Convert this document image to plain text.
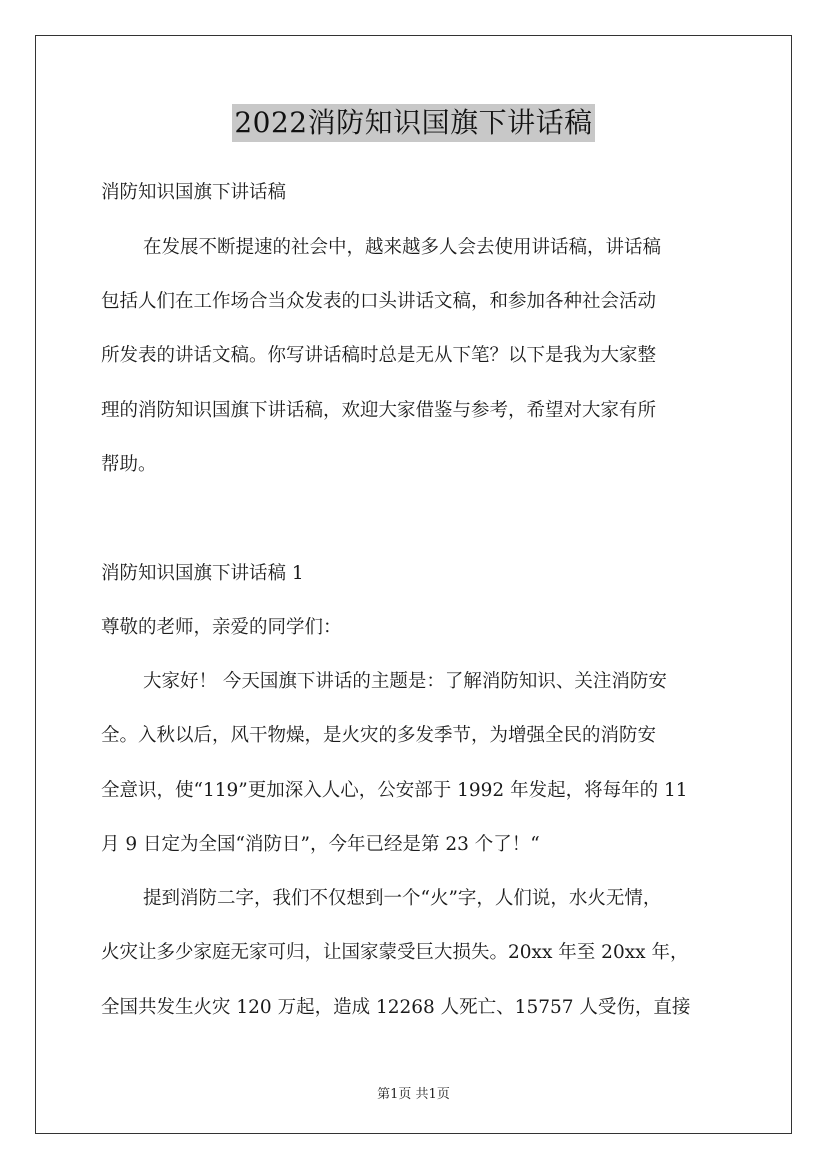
2022消防知识国旗下讲话稿
消防知识国旗下讲话稿
在发展不断提速的社会中，越来越多人会去使用讲话稿，讲话稿
包括人们在工作场合当众发表的口头讲话文稿，和参加各种社会活动
所发表的讲话文稿。你写讲话稿时总是无从下笔？以下是我为大家整
理的消防知识国旗下讲话稿，欢迎大家借鉴与参考，希望对大家有所
帮助。
消防知识国旗下讲话稿 1
尊敬的老师，亲爱的同学们：
大家好！ 今天国旗下讲话的主题是：了解消防知识、关注消防安
全。入秋以后，风干物燥，是火灾的多发季节，为增强全民的消防安
全意识，使“119”更加深入人心，公安部于 1992 年发起，将每年的 11
月 9 日定为全国“消防日”，今年已经是第 23 个了！“
提到消防二字，我们不仅想到一个“火”字，人们说，水火无情，
火灾让多少家庭无家可归，让国家蒙受巨大损失。20xx 年至 20xx 年，
全国共发生火灾 120 万起，造成 12268 人死亡、15757 人受伤，直接
第1页 共1页
